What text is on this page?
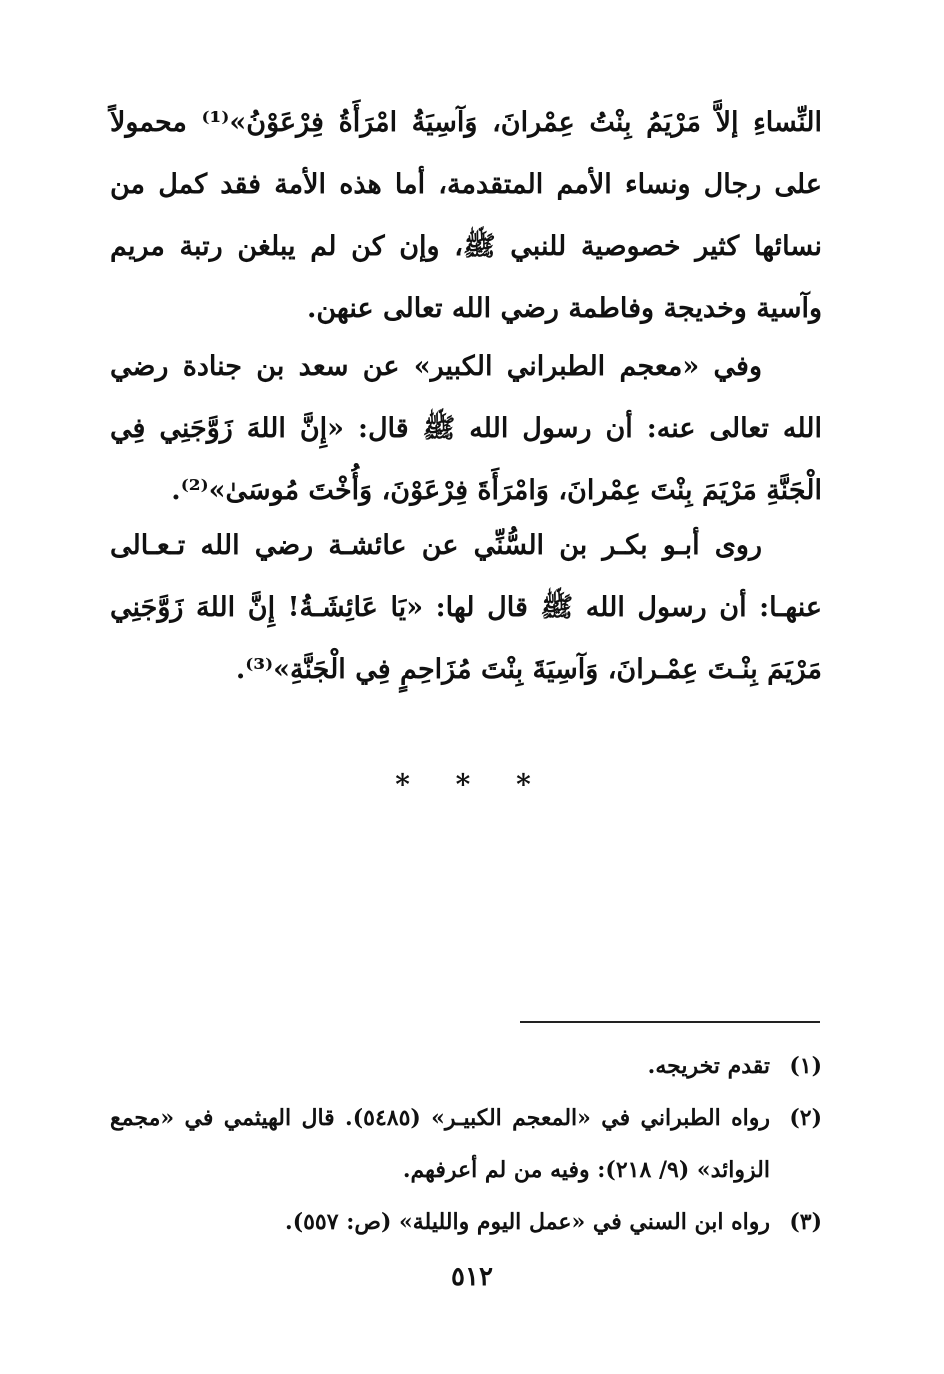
النِّساءِ إلاَّ مَرْيَمُ بِنْتُ عِمْرانَ، وَآسِيَةُ امْرَأَةُ فِرْعَوْنُ»⁽¹⁾ محمولاً على رجال ونساء الأمم المتقدمة، أما هذه الأمة فقد كمل من نسائها كثير خصوصية للنبي ﷺ، وإن كن لم يبلغن رتبة مريم وآسية وخديجة وفاطمة رضي الله تعالى عنهن.

وفي «معجم الطبراني الكبير» عن سعد بن جنادة رضي الله تعالى عنه: أن رسول الله ﷺ قال: «إِنَّ اللهَ زَوَّجَنِي فِي الْجَنَّةِ مَرْيَمَ بِنْتَ عِمْرانَ، وَامْرَأَةَ فِرْعَوْنَ، وَأُخْتَ مُوسَىٰ»⁽²⁾.

روى أبـو بكـر بن السُّنِّي عن عائشـة رضي الله تـعـالى عنهـا: أن رسول الله ﷺ قال لها: «يَا عَائِشَـةُ! إِنَّ اللهَ زَوَّجَنِي مَرْيَمَ بِنْـتَ عِمْـرانَ، وَآسِيَةَ بِنْتَ مُزَاحِمٍ فِي الْجَنَّةِ»⁽³⁾.

* * *
(١)
تقدم تخريجه.
(٢)
رواه الطبراني في «المعجم الكبيـر» (٥٤٨٥). قال الهيثمي في «مجمع الزوائد» (٩/ ٢١٨): وفيه من لم أعرفهم.
(٣)
رواه ابن السني في «عمل اليوم والليلة» (ص: ٥٥٧).
٥١٢
